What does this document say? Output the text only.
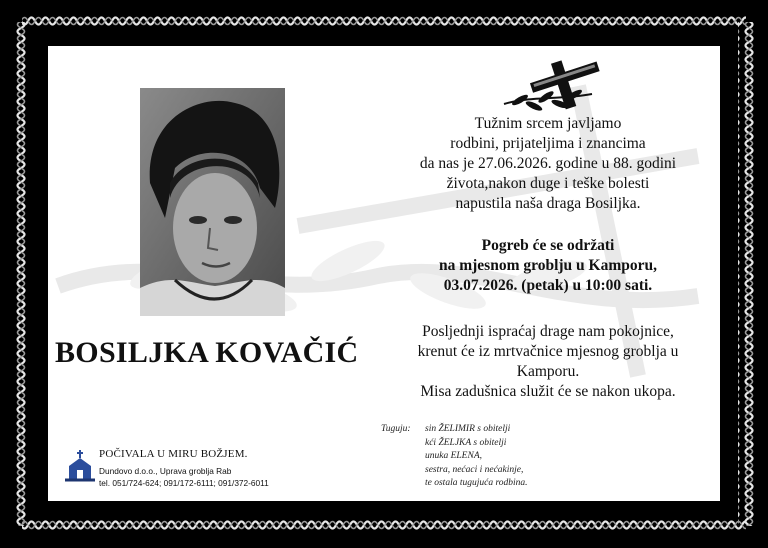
BOSILJKA KOVAČIĆ
Tužnim srcem javljamo
rodbini, prijateljima i znancima
da nas je 27.06.2026. godine u 88. godini
života,nakon duge i teške bolesti
napustila naša draga Bosiljka.
Pogreb će se održati
na mjesnom groblju u Kamporu,
03.07.2026. (petak) u 10:00 sati.
Posljednji ispraćaj drage nam pokojnice,
krenut će iz mrtvačnice mjesnog groblja u
Kamporu.
Misa zadušnica služit će se nakon ukopa.
Tuguju: sin ŽELIMIR s obitelji
kći ŽELJKA s obitelji
unuka ELENA,
sestra, nećaci i nećakinje,
te ostala tugujuća rodbina.
POČIVALA U MIRU BOŽJEM.
Dundovo d.o.o., Uprava groblja Rab
tel. 051/724-624; 091/172-6111; 091/372-6011
